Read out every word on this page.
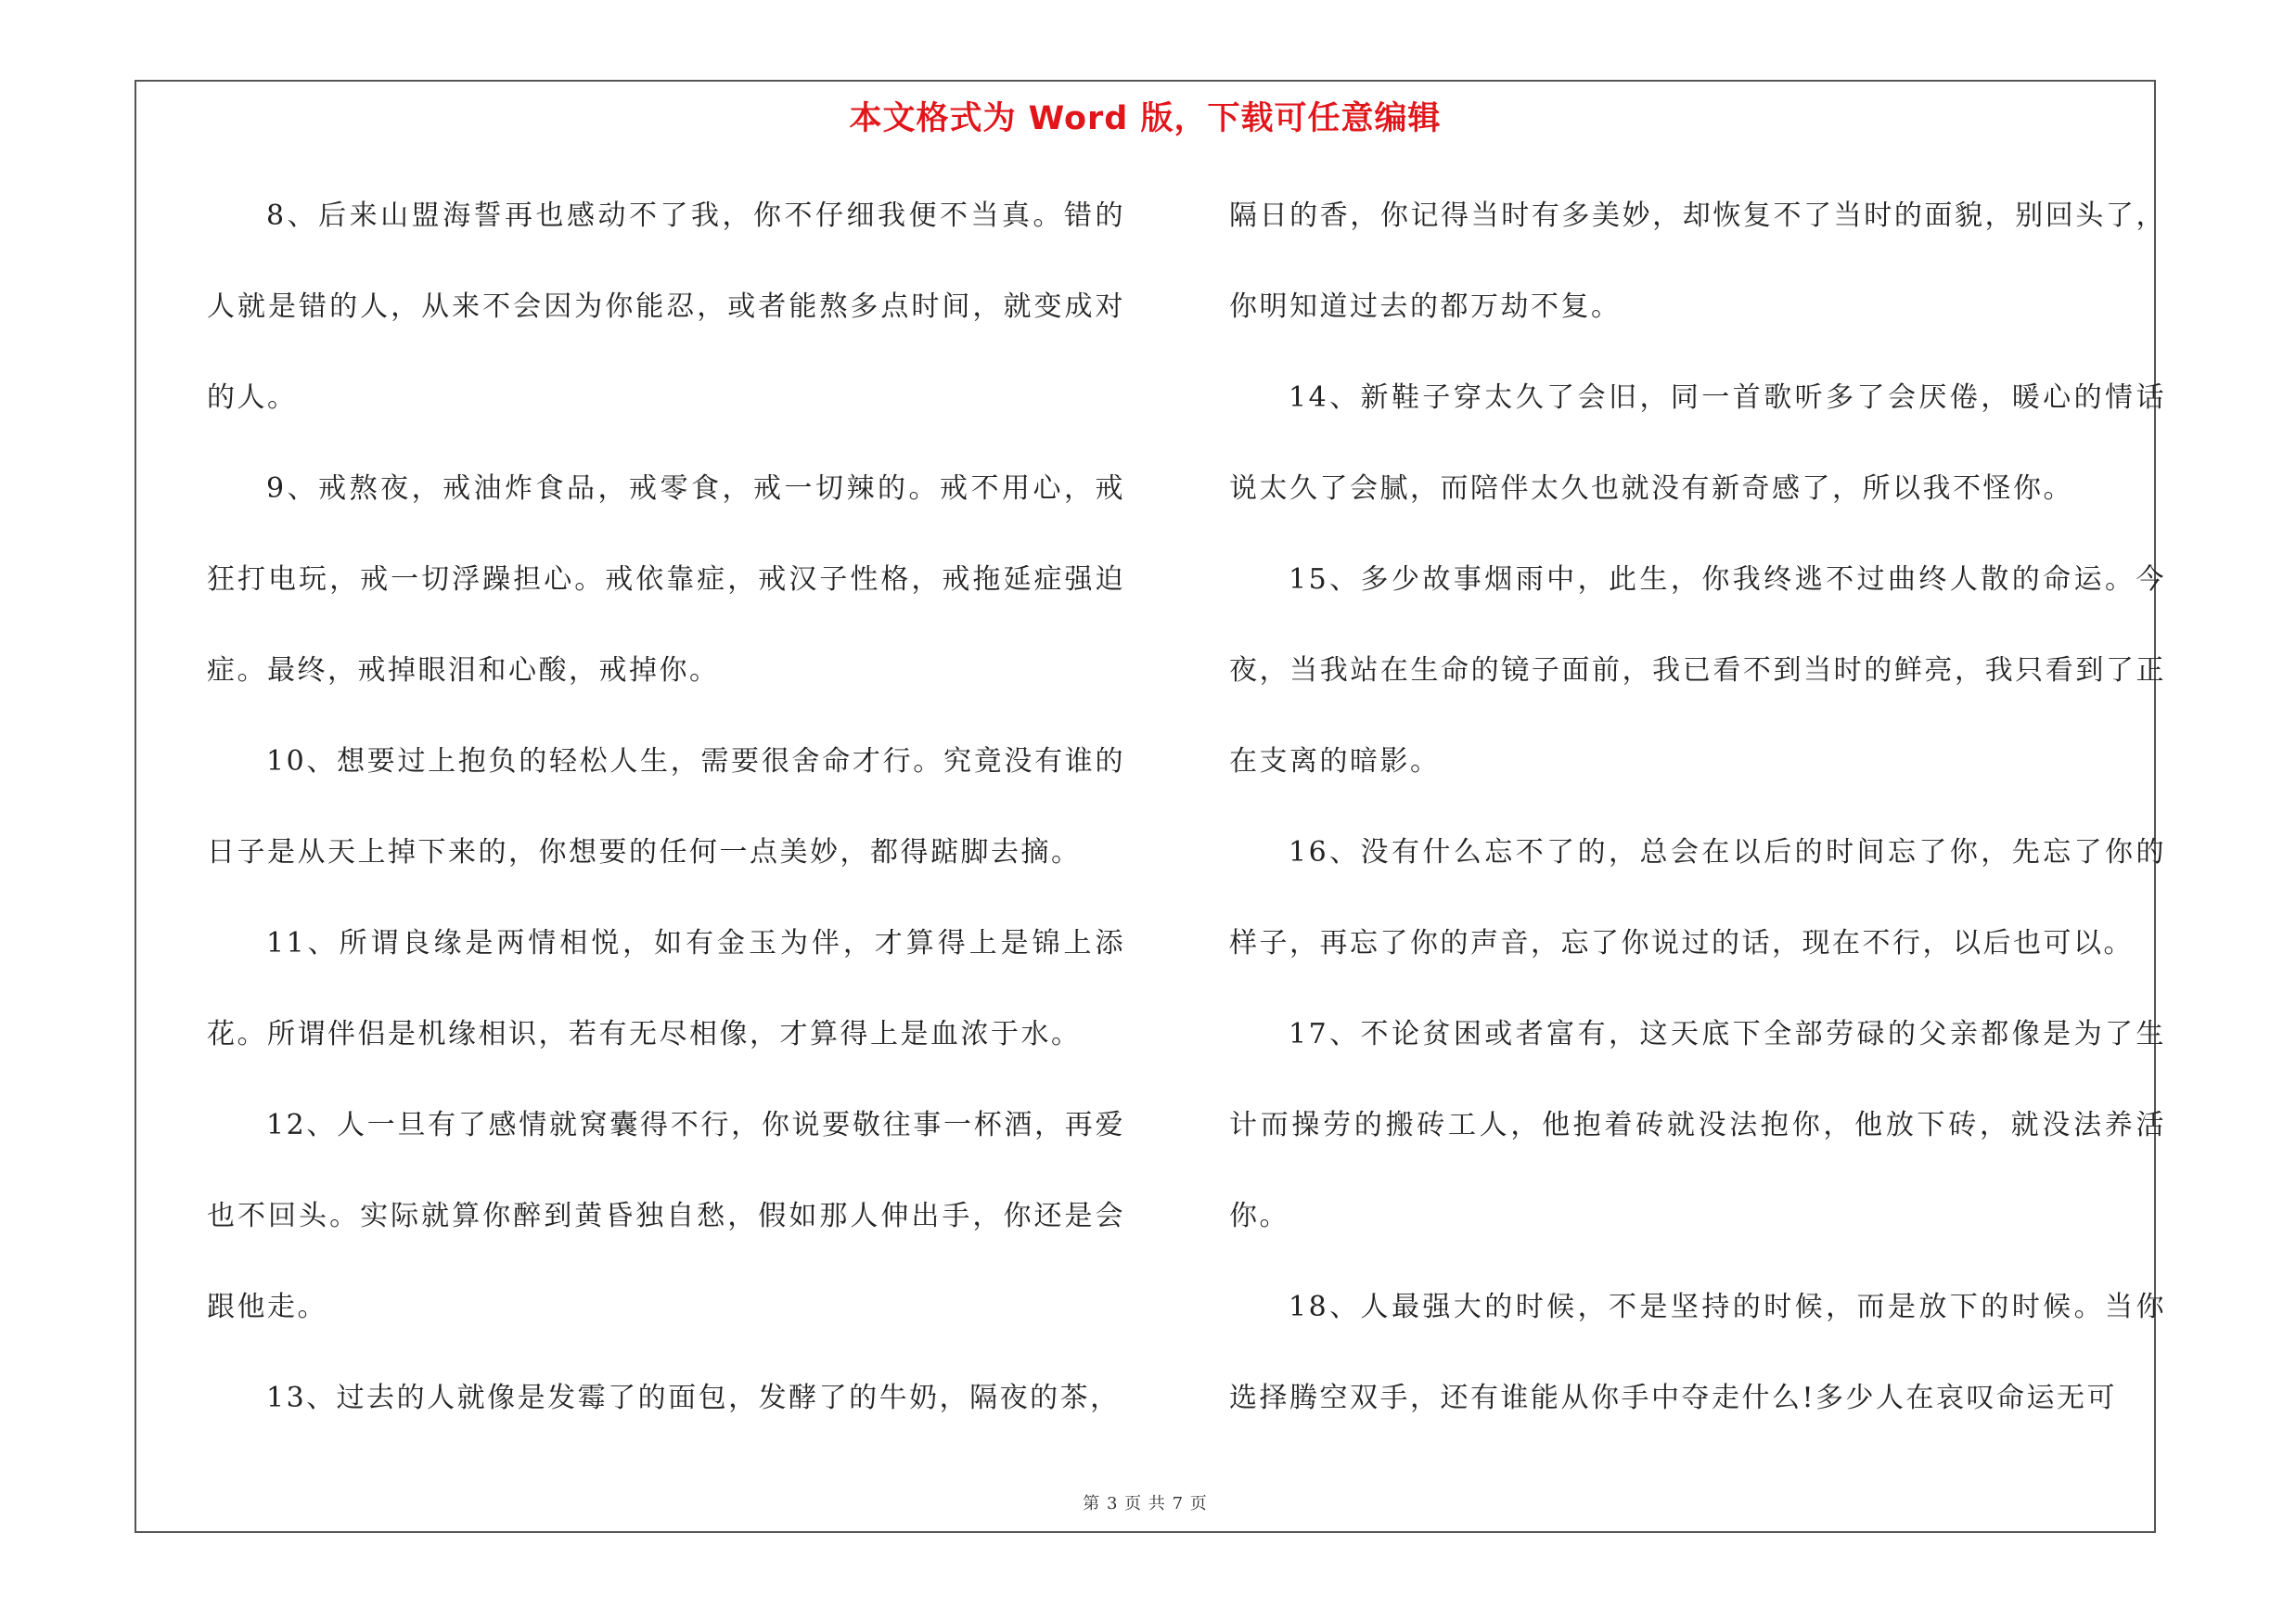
本文格式为 Word 版，下载可任意编辑

8、后来山盟海誓再也感动不了我，你不仔细我便不当真。错的人就是错的人，从来不会因为你能忍，或者能熬多点时间，就变成对的人。

9、戒熬夜，戒油炸食品，戒零食，戒一切辣的。戒不用心，戒狂打电玩，戒一切浮躁担心。戒依靠症，戒汉子性格，戒拖延症强迫症。最终，戒掉眼泪和心酸，戒掉你。

10、想要过上抱负的轻松人生，需要很舍命才行。究竟没有谁的日子是从天上掉下来的，你想要的任何一点美妙，都得踮脚去摘。

11、所谓良缘是两情相悦，如有金玉为伴，才算得上是锦上添花。所谓伴侣是机缘相识，若有无尽相像，才算得上是血浓于水。

12、人一旦有了感情就窝囊得不行，你说要敬往事一杯酒，再爱也不回头。实际就算你醉到黄昏独自愁，假如那人伸出手，你还是会跟他走。

13、过去的人就像是发霉了的面包，发酵了的牛奶，隔夜的茶，

隔日的香，你记得当时有多美妙，却恢复不了当时的面貌，别回头了，你明知道过去的都万劫不复。

14、新鞋子穿太久了会旧，同一首歌听多了会厌倦，暖心的情话说太久了会腻，而陪伴太久也就没有新奇感了，所以我不怪你。

15、多少故事烟雨中，此生，你我终逃不过曲终人散的命运。今夜，当我站在生命的镜子面前，我已看不到当时的鲜亮，我只看到了正在支离的暗影。

16、没有什么忘不了的，总会在以后的时间忘了你，先忘了你的样子，再忘了你的声音，忘了你说过的话，现在不行，以后也可以。

17、不论贫困或者富有，这天底下全部劳碌的父亲都像是为了生计而操劳的搬砖工人，他抱着砖就没法抱你，他放下砖，就没法养活你。

18、人最强大的时候，不是坚持的时候，而是放下的时候。当你选择腾空双手，还有谁能从你手中夺走什么!多少人在哀叹命运无可

第 3 页 共 7 页
